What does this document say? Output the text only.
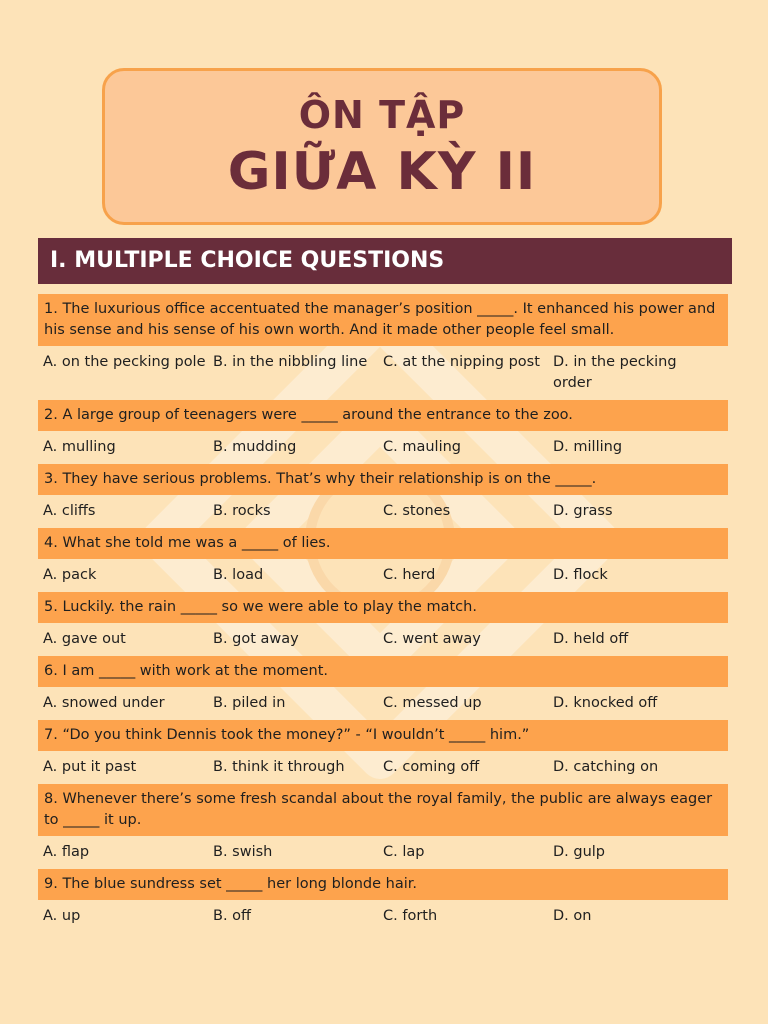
ÔN TẬP
GIỮA KỲ II
I. MULTIPLE CHOICE QUESTIONS
1. The luxurious office accentuated the manager’s position _____. It enhanced his power and his sense and his sense of his own worth. And it made other people feel small.
A. on the pecking pole B. in the nibbling line	C. at the nipping post D. in the pecking order
2. A large group of teenagers were _____ around the entrance to the zoo.
A. mulling	B. mudding	C. mauling	D. milling
3. They have serious problems. That’s why their relationship is on the _____.
A. cliffs	B. rocks	C. stones	D. grass
4. What she told me was a _____ of lies.
A. pack	B. load	C. herd	D. flock
5. Luckily. the rain _____ so we were able to play the match.
A. gave out	B. got away	C. went away	D. held off
6. I am _____ with work at the moment.
A. snowed under	B. piled in	C. messed up	D. knocked off
7. “Do you think Dennis took the money?” - “I wouldn’t _____ him.”
A. put it past	B. think it through	C. coming off	D. catching on
8. Whenever there’s some fresh scandal about the royal family, the public are always eager to _____ it up.
A. flap	B. swish	C. lap	D. gulp
9. The blue sundress set _____ her long blonde hair.
A. up	B. off	C. forth	D. on
